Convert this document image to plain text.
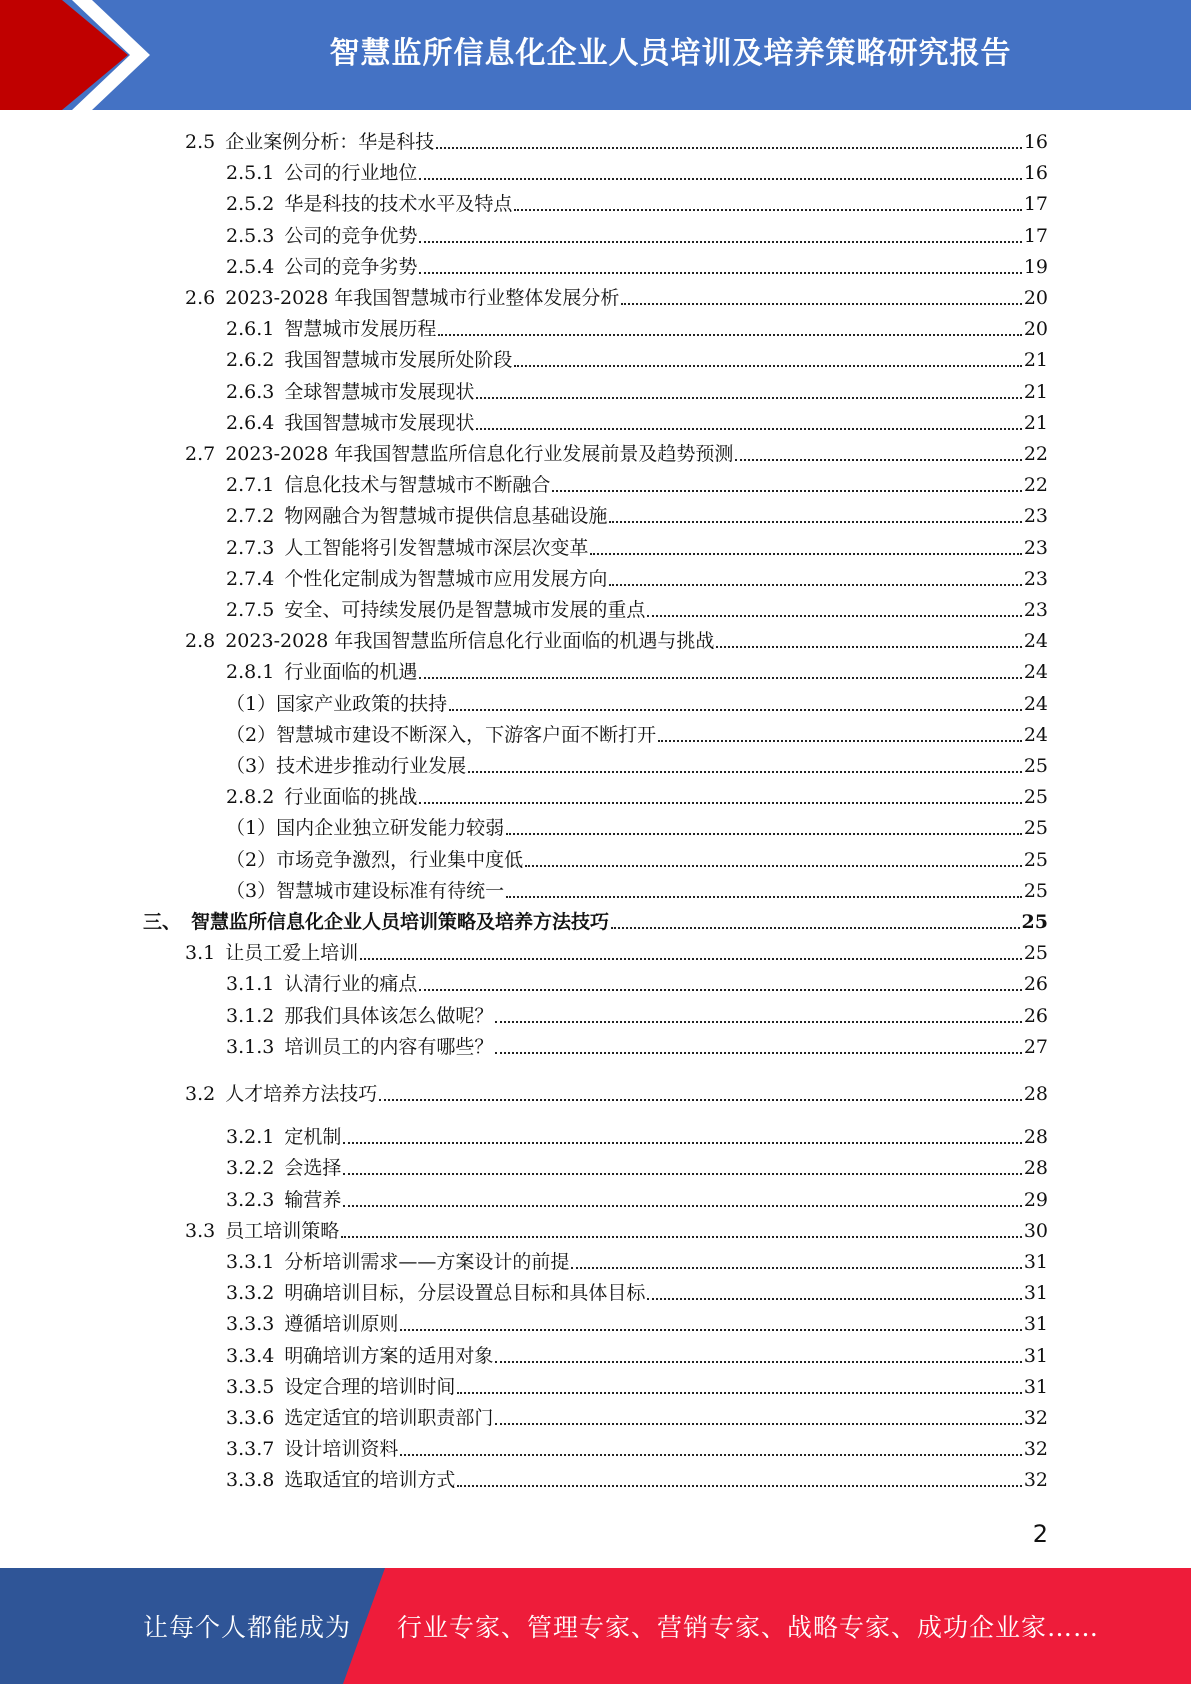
智慧监所信息化企业人员培训及培养策略研究报告
2.5 企业案例分析：华是科技	16
2.5.1 公司的行业地位	16
2.5.2 华是科技的技术水平及特点	17
2.5.3 公司的竞争优势	17
2.5.4 公司的竞争劣势	19
2.6 2023-2028 年我国智慧城市行业整体发展分析	20
2.6.1 智慧城市发展历程	20
2.6.2 我国智慧城市发展所处阶段	21
2.6.3 全球智慧城市发展现状	21
2.6.4 我国智慧城市发展现状	21
2.7 2023-2028 年我国智慧监所信息化行业发展前景及趋势预测	22
2.7.1 信息化技术与智慧城市不断融合	22
2.7.2 物网融合为智慧城市提供信息基础设施	23
2.7.3 人工智能将引发智慧城市深层次变革	23
2.7.4 个性化定制成为智慧城市应用发展方向	23
2.7.5 安全、可持续发展仍是智慧城市发展的重点	23
2.8 2023-2028 年我国智慧监所信息化行业面临的机遇与挑战	24
2.8.1 行业面临的机遇	24
（1） 国家产业政策的扶持	24
（2） 智慧城市建设不断深入，下游客户面不断打开	24
（3） 技术进步推动行业发展	25
2.8.2 行业面临的挑战	25
（1） 国内企业独立研发能力较弱	25
（2） 市场竞争激烈，行业集中度低	25
（3） 智慧城市建设标准有待统一	25
三、 智慧监所信息化企业人员培训策略及培养方法技巧	25
3.1 让员工爱上培训	25
3.1.1 认清行业的痛点	26
3.1.2 那我们具体该怎么做呢？	26
3.1.3 培训员工的内容有哪些？	27
3.2 人才培养方法技巧	28
3.2.1 定机制	28
3.2.2 会选择	28
3.2.3 输营养	29
3.3 员工培训策略	30
3.3.1 分析培训需求——方案设计的前提	31
3.3.2 明确培训目标，分层设置总目标和具体目标	31
3.3.3 遵循培训原则	31
3.3.4 明确培训方案的适用对象	31
3.3.5 设定合理的培训时间	31
3.3.6 选定适宜的培训职责部门	32
3.3.7 设计培训资料	32
3.3.8 选取适宜的培训方式	32
2
让每个人都能成为 行业专家、管理专家、营销专家、战略专家、成功企业家……
